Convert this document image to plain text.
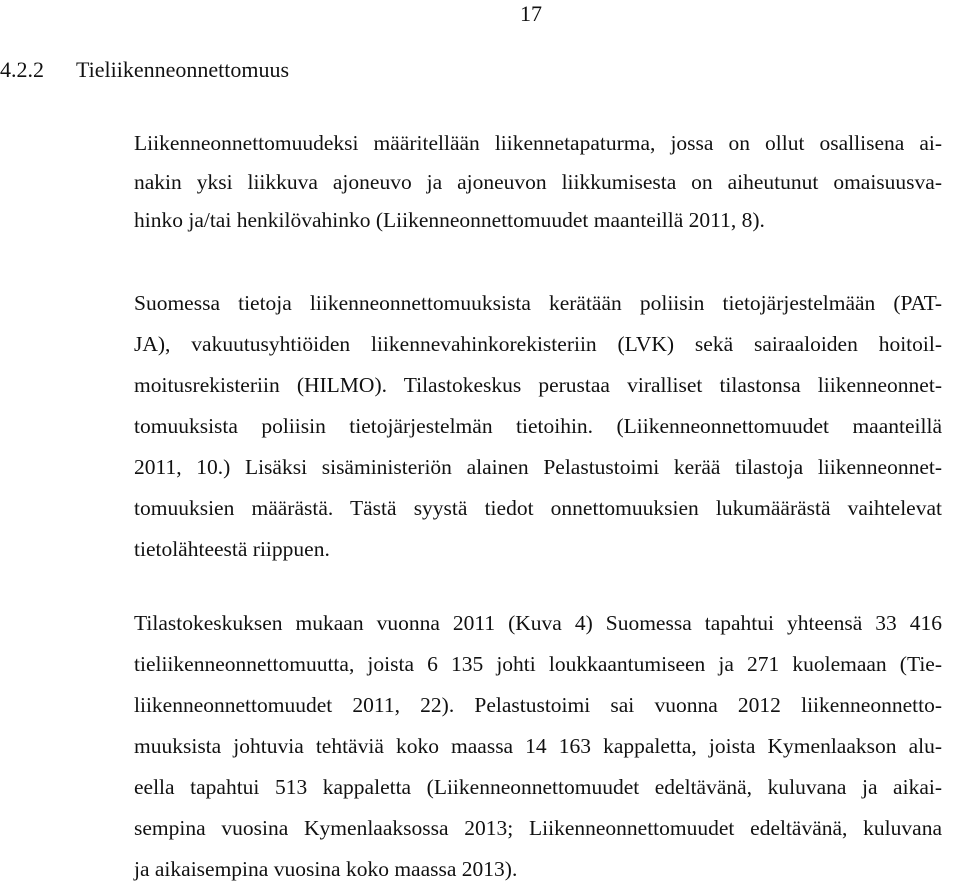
17
4.2.2 Tieliikenneonnettomuus
Liikenneonnettomuudeksi määritellään liikennetapaturma, jossa on ollut osallisena ai-
nakin yksi liikkuva ajoneuvo ja ajoneuvon liikkumisesta on aiheutunut omaisuusva-
hinko ja/tai henkilövahinko (Liikenneonnettomuudet maanteillä 2011, 8).
Suomessa tietoja liikenneonnettomuuksista kerätään poliisin tietojärjestelmään (PAT-
JA), vakuutusyhtiöiden liikennevahinkorekisteriin (LVK) sekä sairaaloiden hoitoil-
moitusrekisteriin (HILMO). Tilastokeskus perustaa viralliset tilastonsa liikenneonnet-
tomuuksista poliisin tietojärjestelmän tietoihin. (Liikenneonnettomuudet maanteillä
2011, 10.) Lisäksi sisäministeriön alainen Pelastustoimi kerää tilastoja liikenneonnet-
tomuuksien määrästä. Tästä syystä tiedot onnettomuuksien lukumäärästä vaihtelevat
tietolähteestä riippuen.
Tilastokeskuksen mukaan vuonna 2011 (Kuva 4) Suomessa tapahtui yhteensä 33 416
tieliikenneonnettomuutta, joista 6 135 johti loukkaantumiseen ja 271 kuolemaan (Tie-
liikenneonnettomuudet 2011, 22). Pelastustoimi sai vuonna 2012 liikenneonnetto-
muuksista johtuvia tehtäviä koko maassa 14 163 kappaletta, joista Kymenlaakson alu-
eella tapahtui 513 kappaletta (Liikenneonnettomuudet edeltävänä, kuluvana ja aikai-
sempina vuosina Kymenlaaksossa 2013; Liikenneonnettomuudet edeltävänä, kuluvana
ja aikaisempina vuosina koko maassa 2013).
